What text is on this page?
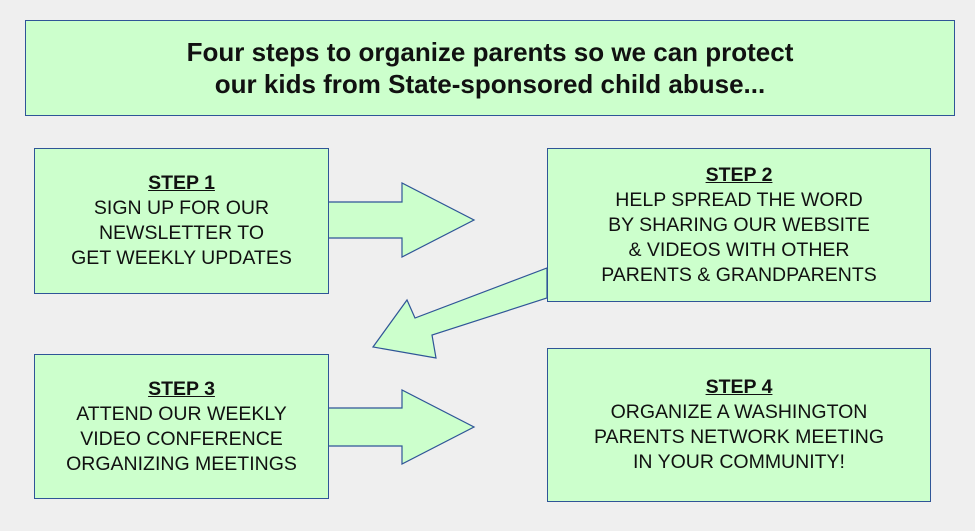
Four steps to organize parents so we can protect
our kids from State-sponsored child abuse...
STEP 1
SIGN UP FOR OUR
NEWSLETTER TO
GET WEEKLY UPDATES
STEP 2
HELP SPREAD THE WORD
BY SHARING OUR WEBSITE
& VIDEOS WITH OTHER
PARENTS & GRANDPARENTS
STEP 3
ATTEND OUR WEEKLY
VIDEO CONFERENCE
ORGANIZING MEETINGS
STEP 4
ORGANIZE A WASHINGTON
PARENTS NETWORK MEETING
IN YOUR COMMUNITY!
